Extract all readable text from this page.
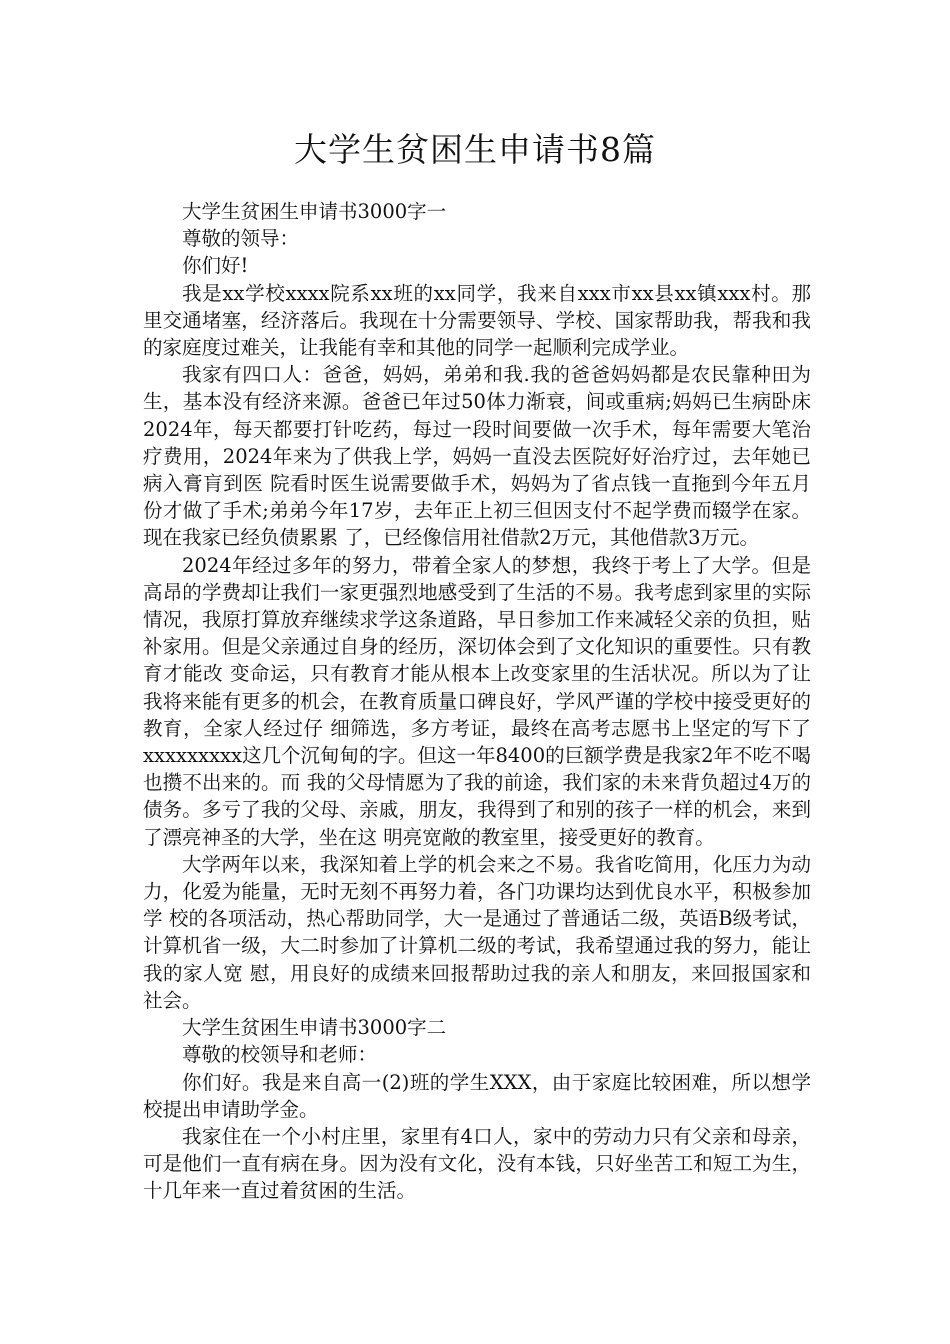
大学生贫困生申请书8篇

大学生贫困生申请书3000字一

尊敬的领导：

你们好!

我是xx学校xxxx院系xx班的xx同学，我来自xxx市xx县xx镇xxx村。那里交通堵塞，经济落后。我现在十分需要领导、学校、国家帮助我，帮我和我的家庭度过难关，让我能有幸和其他的同学一起顺利完成学业。

我家有四口人：爸爸，妈妈，弟弟和我.我的爸爸妈妈都是农民靠种田为生，基本没有经济来源。爸爸已年过50体力渐衰，间或重病;妈妈已生病卧床 2024年，每天都要打针吃药，每过一段时间要做一次手术，每年需要大笔治疗费用，2024年来为了供我上学，妈妈一直没去医院好好治疗过，去年她已病入膏肓到医 院看时医生说需要做手术，妈妈为了省点钱一直拖到今年五月份才做了手术;弟弟今年17岁，去年正上初三但因支付不起学费而辍学在家。现在我家已经负债累累 了，已经像信用社借款2万元，其他借款3万元。

2024年经过多年的努力，带着全家人的梦想，我终于考上了大学。但是高昂的学费却让我们一家更强烈地感受到了生活的不易。我考虑到家里的实际 情况，我原打算放弃继续求学这条道路，早日参加工作来减轻父亲的负担，贴补家用。但是父亲通过自身的经历，深切体会到了文化知识的重要性。只有教育才能改 变命运，只有教育才能从根本上改变家里的生活状况。所以为了让我将来能有更多的机会，在教育质量口碑良好，学风严谨的学校中接受更好的教育，全家人经过仔 细筛选，多方考证，最终在高考志愿书上坚定的写下了xxxxxxxxx这几个沉甸甸的字。但这一年8400的巨额学费是我家2年不吃不喝也攒不出来的。而 我的父母情愿为了我的前途，我们家的未来背负超过4万的债务。多亏了我的父母、亲戚，朋友，我得到了和别的孩子一样的机会，来到了漂亮神圣的大学，坐在这 明亮宽敞的教室里，接受更好的教育。

大学两年以来，我深知着上学的机会来之不易。我省吃简用，化压力为动力，化爱为能量，无时无刻不再努力着，各门功课均达到优良水平，积极参加学 校的各项活动，热心帮助同学，大一是通过了普通话二级，英语B级考试，计算机省一级，大二时参加了计算机二级的考试，我希望通过我的努力，能让我的家人宽 慰，用良好的成绩来回报帮助过我的亲人和朋友，来回报国家和社会。

大学生贫困生申请书3000字二

尊敬的校领导和老师：

你们好。我是来自高一(2)班的学生XXX，由于家庭比较困难，所以想学校提出申请助学金。

我家住在一个小村庄里，家里有4口人，家中的劳动力只有父亲和母亲，可是他们一直有病在身。因为没有文化，没有本钱，只好坐苦工和短工为生，十几年来一直过着贫困的生活。
